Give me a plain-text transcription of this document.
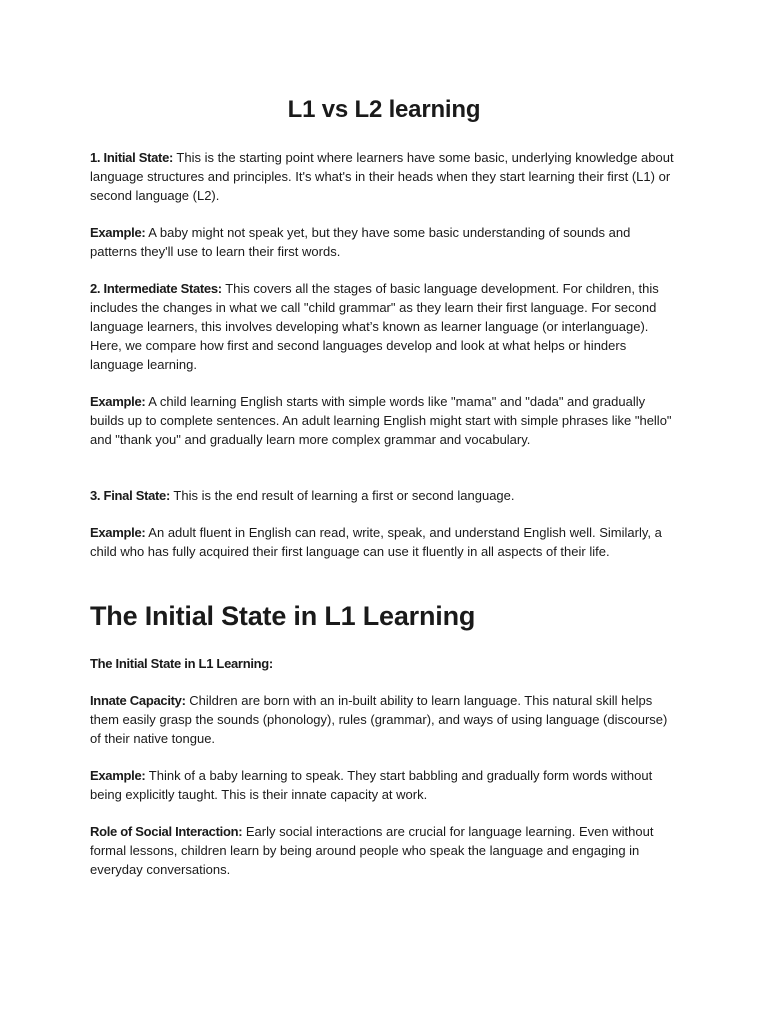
L1 vs L2 learning

1. Initial State: This is the starting point where learners have some basic, underlying knowledge about language structures and principles. It's what's in their heads when they start learning their first (L1) or second language (L2).

Example: A baby might not speak yet, but they have some basic understanding of sounds and patterns they'll use to learn their first words.

2. Intermediate States: This covers all the stages of basic language development. For children, this includes the changes in what we call "child grammar" as they learn their first language. For second language learners, this involves developing what’s known as learner language (or interlanguage). Here, we compare how first and second languages develop and look at what helps or hinders language learning.

Example: A child learning English starts with simple words like "mama" and "dada" and gradually builds up to complete sentences. An adult learning English might start with simple phrases like "hello" and "thank you" and gradually learn more complex grammar and vocabulary.

3. Final State: This is the end result of learning a first or second language.

Example: An adult fluent in English can read, write, speak, and understand English well. Similarly, a child who has fully acquired their first language can use it fluently in all aspects of their life.

The Initial State in L1 Learning
The Initial State in L1 Learning:

Innate Capacity: Children are born with an in-built ability to learn language. This natural skill helps them easily grasp the sounds (phonology), rules (grammar), and ways of using language (discourse) of their native tongue.

Example: Think of a baby learning to speak. They start babbling and gradually form words without being explicitly taught. This is their innate capacity at work.

Role of Social Interaction: Early social interactions are crucial for language learning. Even without formal lessons, children learn by being around people who speak the language and engaging in everyday conversations.
